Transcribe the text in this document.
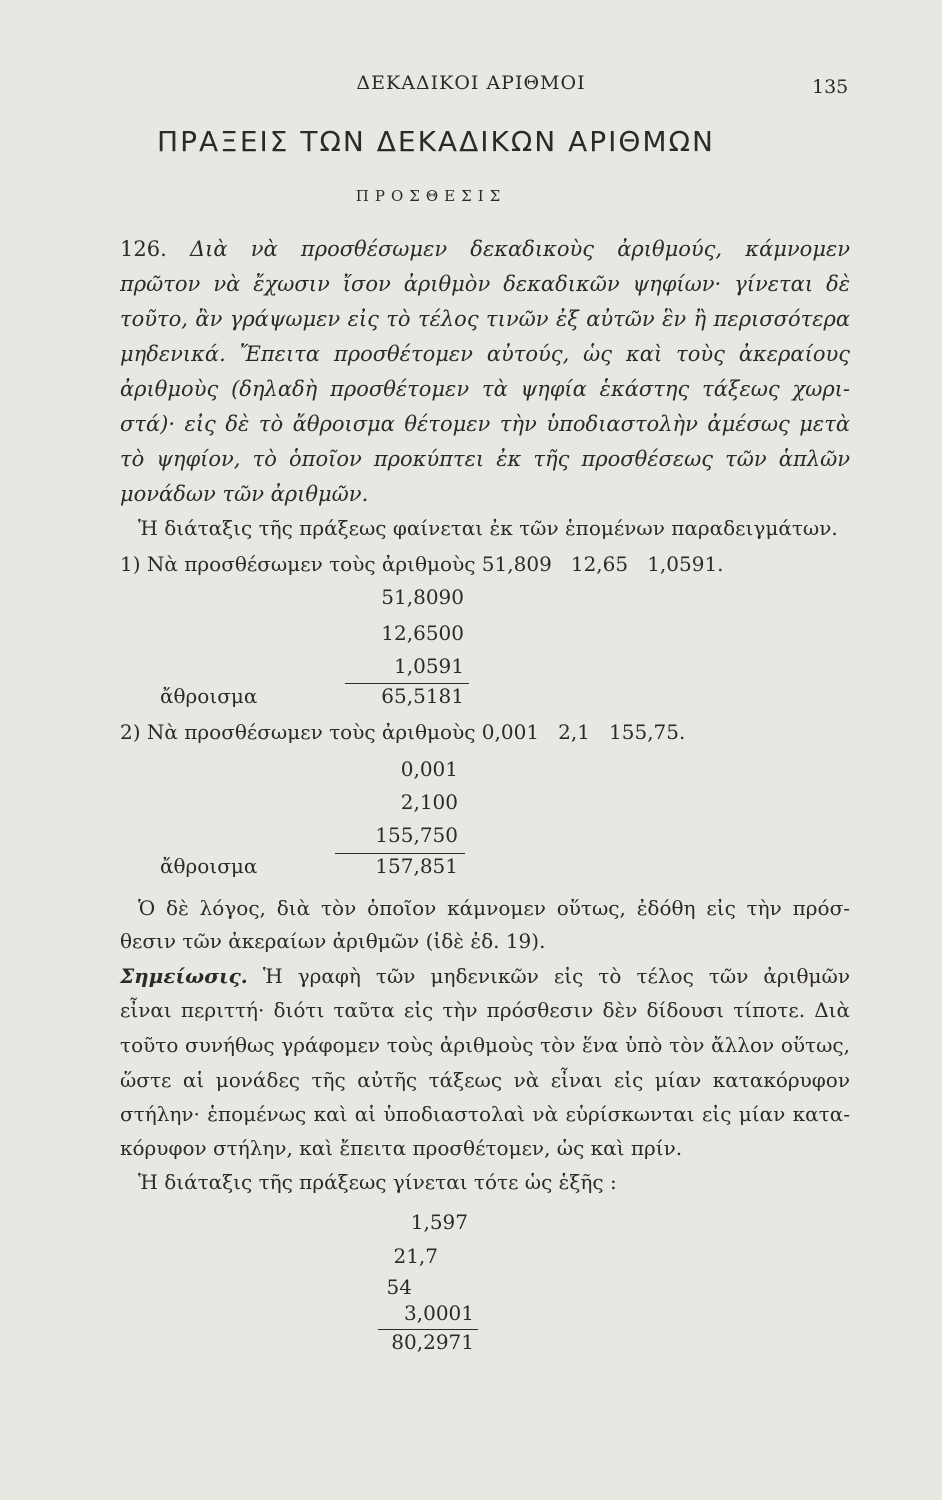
ΔΕΚΑΔΙΚΟΙ ΑΡΙΘΜΟΙ	135
ΠΡΑΞΕΙΣ ΤΩΝ ΔΕΚΑΔΙΚΩΝ ΑΡΙΘΜΩΝ
ΠΡΟΣΘΕΣΙΣ
126. Διὰ νὰ προσθέσωμεν δεκαδικοὺς ἀριθμούς, κάμνομεν
πρῶτον νὰ ἔχωσιν ἴσον ἀριθμὸν δεκαδικῶν ψηφίων· γίνεται δὲ
τοῦτο, ἂν γράψωμεν εἰς τὸ τέλος τινῶν ἐξ αὐτῶν ἓν ἢ περισσότερα
μηδενικά. Ἔπειτα προσθέτομεν αὐτούς, ὡς καὶ τοὺς ἀκεραίους
ἀριθμοὺς (δηλαδὴ προσθέτομεν τὰ ψηφία ἑκάστης τάξεως χωρι-
στά)· εἰς δὲ τὸ ἄθροισμα θέτομεν τὴν ὑποδιαστολὴν ἀμέσως μετὰ
τὸ ψηφίον, τὸ ὁποῖον προκύπτει ἐκ τῆς προσθέσεως τῶν ἁπλῶν
μονάδων τῶν ἀριθμῶν.
Ἡ διάταξις τῆς πράξεως φαίνεται ἐκ τῶν ἑπομένων παραδειγμάτων.
1) Νὰ προσθέσωμεν τοὺς ἀριθμοὺς 51,809   12,65   1,0591.
51,8090
12,6500
1,0591
ἄθροισμα	65,5181
2) Νὰ προσθέσωμεν τοὺς ἀριθμοὺς 0,001   2,1   155,75.
0,001
2,100
155,750
ἄθροισμα	157,851
Ὁ δὲ λόγος, διὰ τὸν ὁποῖον κάμνομεν οὕτως, ἐδόθη εἰς τὴν πρόσ-
θεσιν τῶν ἀκεραίων ἀριθμῶν (ἰδὲ ἐδ. 19).
Σημείωσις. Ἡ γραφὴ τῶν μηδενικῶν εἰς τὸ τέλος τῶν ἀριθμῶν
εἶναι περιττή· διότι ταῦτα εἰς τὴν πρόσθεσιν δὲν δίδουσι τίποτε. Διὰ
τοῦτο συνήθως γράφομεν τοὺς ἀριθμοὺς τὸν ἕνα ὑπὸ τὸν ἄλλον οὕτως,
ὥστε αἱ μονάδες τῆς αὐτῆς τάξεως νὰ εἶναι εἰς μίαν κατακόρυφον
στήλην· ἑπομένως καὶ αἱ ὑποδιαστολαὶ νὰ εὑρίσκωνται εἰς μίαν κατα-
κόρυφον στήλην, καὶ ἔπειτα προσθέτομεν, ὡς καὶ πρίν.
Ἡ διάταξις τῆς πράξεως γίνεται τότε ὡς ἑξῆς :
1,597
21,7
54
3,0001
80,2971
